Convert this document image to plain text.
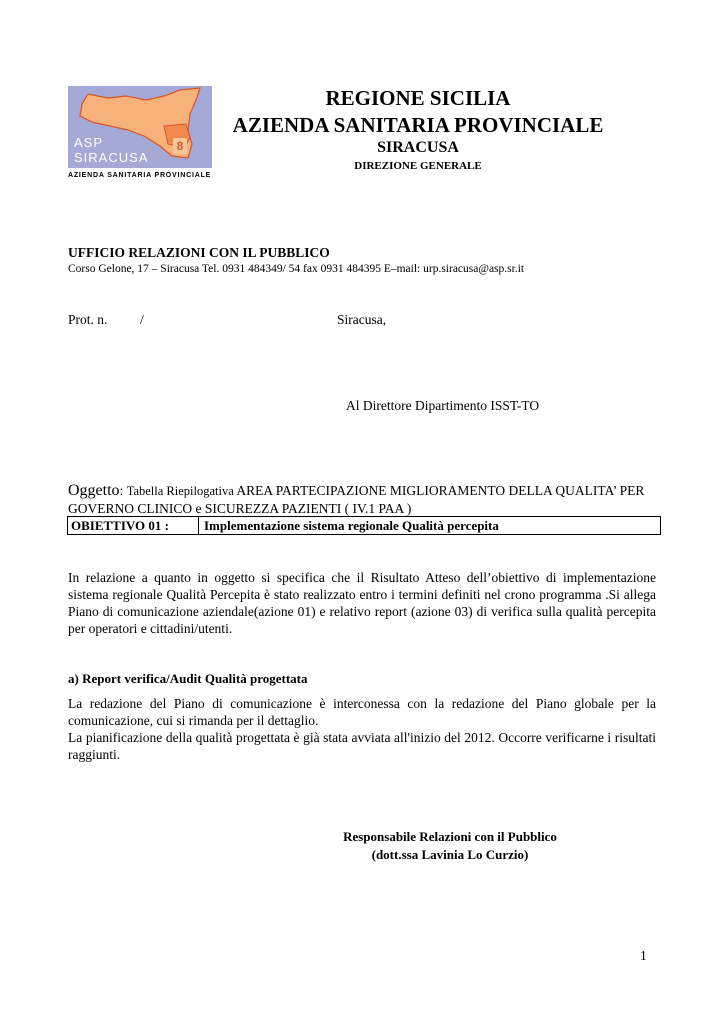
ASP
SIRACUSA
8
AZIENDA SANITARIA PROVINCIALE
REGIONE SICILIA
AZIENDA SANITARIA PROVINCIALE
SIRACUSA
DIREZIONE GENERALE
UFFICIO RELAZIONI CON IL PUBBLICO
Corso Gelone, 17 – Siracusa Tel. 0931 484349/ 54 fax 0931 484395 E–mail: urp.siracusa@asp.sr.it
Prot. n. /	Siracusa,
Al Direttore Dipartimento ISST-TO
Oggetto: Tabella Riepilogativa AREA PARTECIPAZIONE MIGLIORAMENTO DELLA QUALITA’ PER GOVERNO CLINICO e SICUREZZA PAZIENTI ( IV.1 PAA )
OBIETTIVO 01 :	Implementazione sistema regionale Qualità percepita
In relazione a quanto in oggetto si specifica che il Risultato Atteso dell’obiettivo di implementazione sistema regionale Qualità Percepita è stato realizzato entro i termini definiti nel crono programma .Si allega Piano di comunicazione aziendale(azione 01) e relativo report (azione 03) di verifica sulla qualità percepita per operatori e cittadini/utenti.
a) Report verifica/Audit Qualità progettata
La redazione del Piano di comunicazione è interconessa con la redazione del Piano globale per la comunicazione, cui si rimanda per il dettaglio.
La pianificazione della qualità progettata è già stata avviata all'inizio del 2012. Occorre verificarne i risultati raggiunti.
Responsabile Relazioni con il Pubblico
(dott.ssa Lavinia Lo Curzio)
1
